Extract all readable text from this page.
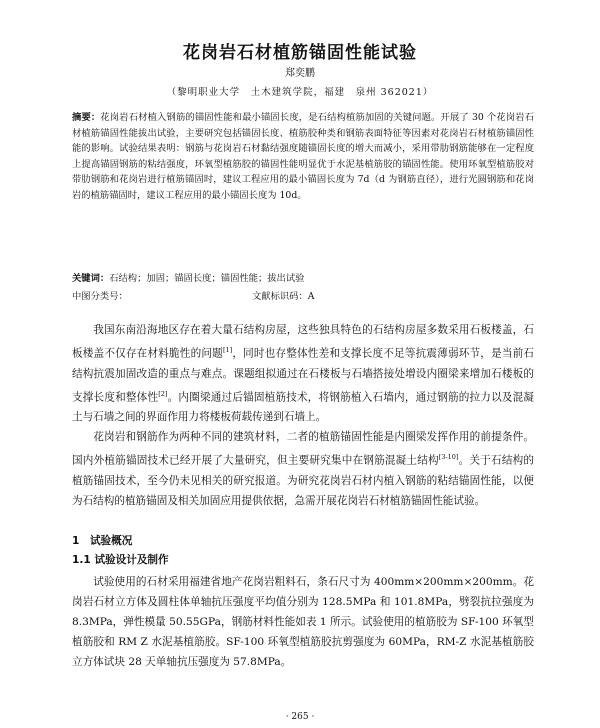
花岗岩石材植筋锚固性能试验
郑奕鹏
（黎明职业大学　土木建筑学院，福建　泉州 362021）
摘要：花岗岩石材植入钢筋的锚固性能和最小锚固长度，是石结构植筋加固的关键问题。开展了 30 个花岗岩石材植筋锚固性能拔出试验，主要研究包括锚固长度、植筋胶种类和钢筋表面特征等因素对花岗岩石材植筋锚固性能的影响。试验结果表明：钢筋与花岗岩石材黏结强度随锚固长度的增大而减小，采用带肋钢筋能够在一定程度上提高锚固钢筋的粘结强度，环氧型植筋胶的锚固性能明显优于水泥基植筋胶的锚固性能。使用环氧型植筋胶对带肋钢筋和花岗岩进行植筋锚固时，建议工程应用的最小锚固长度为 7d（d 为钢筋直径），进行光圆钢筋和花岗岩的植筋锚固时，建议工程应用的最小锚固长度为 10d。
关键词：石结构；加固；锚固长度；锚固性能；拔出试验
中图分类号：	文献标识码：A
我国东南沿海地区存在着大量石结构房屋，这些独具特色的石结构房屋多数采用石板楼盖，石板楼盖不仅存在材料脆性的问题[1]，同时也存整体性差和支撑长度不足等抗震薄弱环节，是当前石结构抗震加固改造的重点与难点。课题组拟通过在石楼板与石墙搭接处增设内圈梁来增加石楼板的支撑长度和整体性[2]。内圈梁通过后锚固植筋技术，将钢筋植入石墙内，通过钢筋的拉力以及混凝土与石墙之间的界面作用力将楼板荷载传递到石墙上。
花岗岩和钢筋作为两种不同的建筑材料，二者的植筋锚固性能是内圈梁发挥作用的前提条件。国内外植筋锚固技术已经开展了大量研究，但主要研究集中在钢筋混凝土结构[3-10]。关于石结构的植筋锚固技术，至今仍未见相关的研究报道。为研究花岗岩石材内植入钢筋的粘结锚固性能，以便为石结构的植筋锚固及相关加固应用提供依据，急需开展花岗岩石材植筋锚固性能试验。
1　试验概况
1.1 试验设计及制作
试验使用的石材采用福建省地产花岗岩粗料石，条石尺寸为 400mm×200mm×200mm。花岗岩石材立方体及圆柱体单轴抗压强度平均值分别为 128.5MPa 和 101.8MPa，劈裂抗拉强度为 8.3MPa，弹性模量 50.55GPa，钢筋材料性能如表 1 所示。试验使用的植筋胶为 SF-100 环氧型植筋胶和 RM Z 水泥基植筋胶。SF-100 环氧型植筋胶抗剪强度为 60MPa，RM-Z 水泥基植筋胶立方体试块 28 天单轴抗压强度为 57.8MPa。
· 265 ·
